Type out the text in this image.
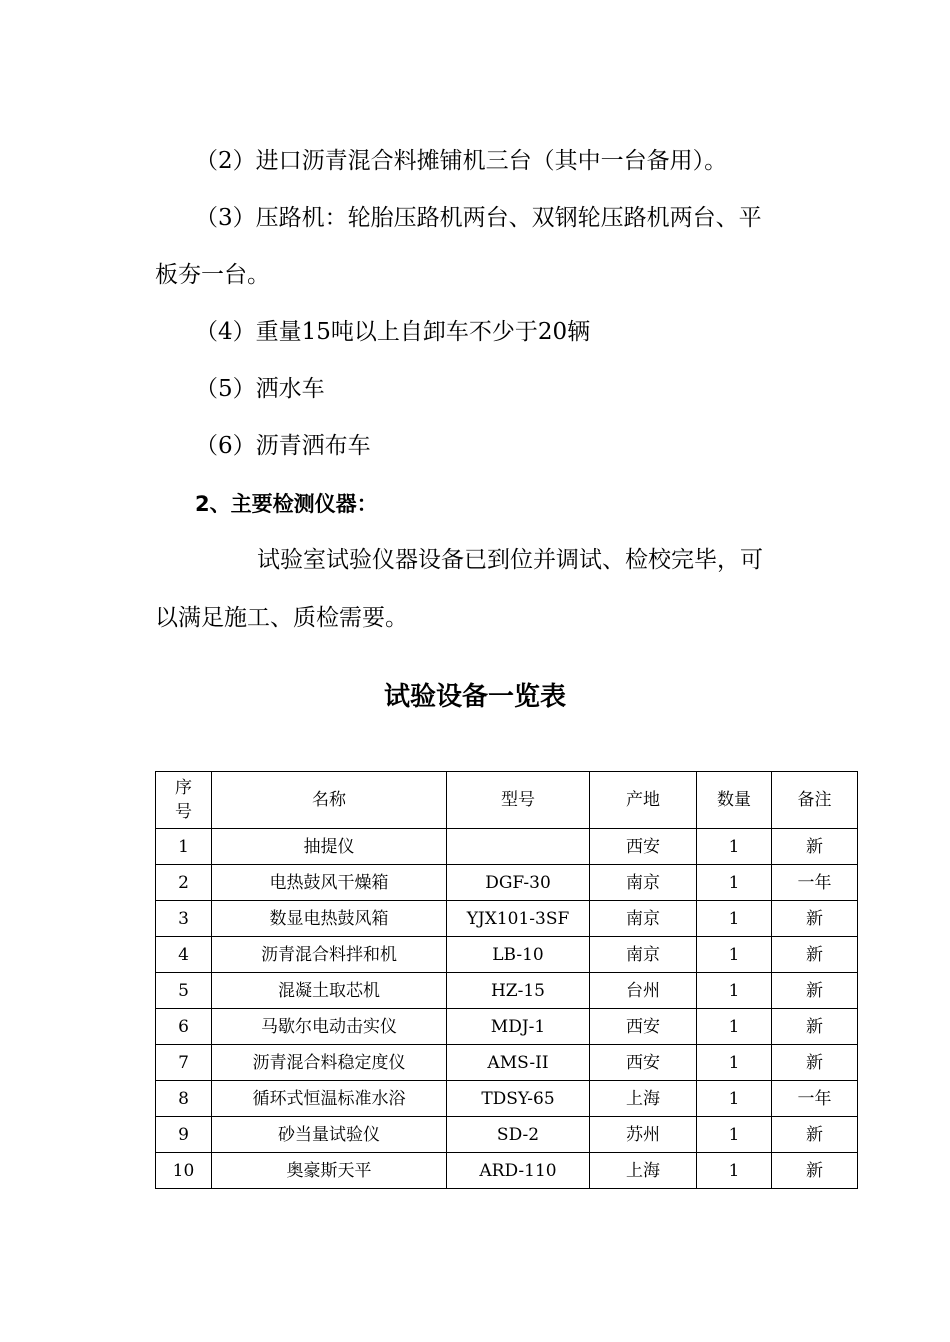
（2）进口沥青混合料摊铺机三台（其中一台备用）。

（3）压路机：轮胎压路机两台、双钢轮压路机两台、平

板夯一台。

（4）重量15吨以上自卸车不少于20辆

（5）洒水车

（6）沥青洒布车

2、主要检测仪器：

试验室试验仪器设备已到位并调试、检校完毕，可

以满足施工、质检需要。

试验设备一览表
序号	名称	型号	产地	数量	备注
1	抽提仪		西安	1	新
2	电热鼓风干燥箱	DGF-30	南京	1	一年
3	数显电热鼓风箱	YJX101-3SF	南京	1	新
4	沥青混合料拌和机	LB-10	南京	1	新
5	混凝土取芯机	HZ-15	台州	1	新
6	马歇尔电动击实仪	MDJ-1	西安	1	新
7	沥青混合料稳定度仪	AMS-II	西安	1	新
8	循环式恒温标准水浴	TDSY-65	上海	1	一年
9	砂当量试验仪	SD-2	苏州	1	新
10	奥豪斯天平	ARD-110	上海	1	新
